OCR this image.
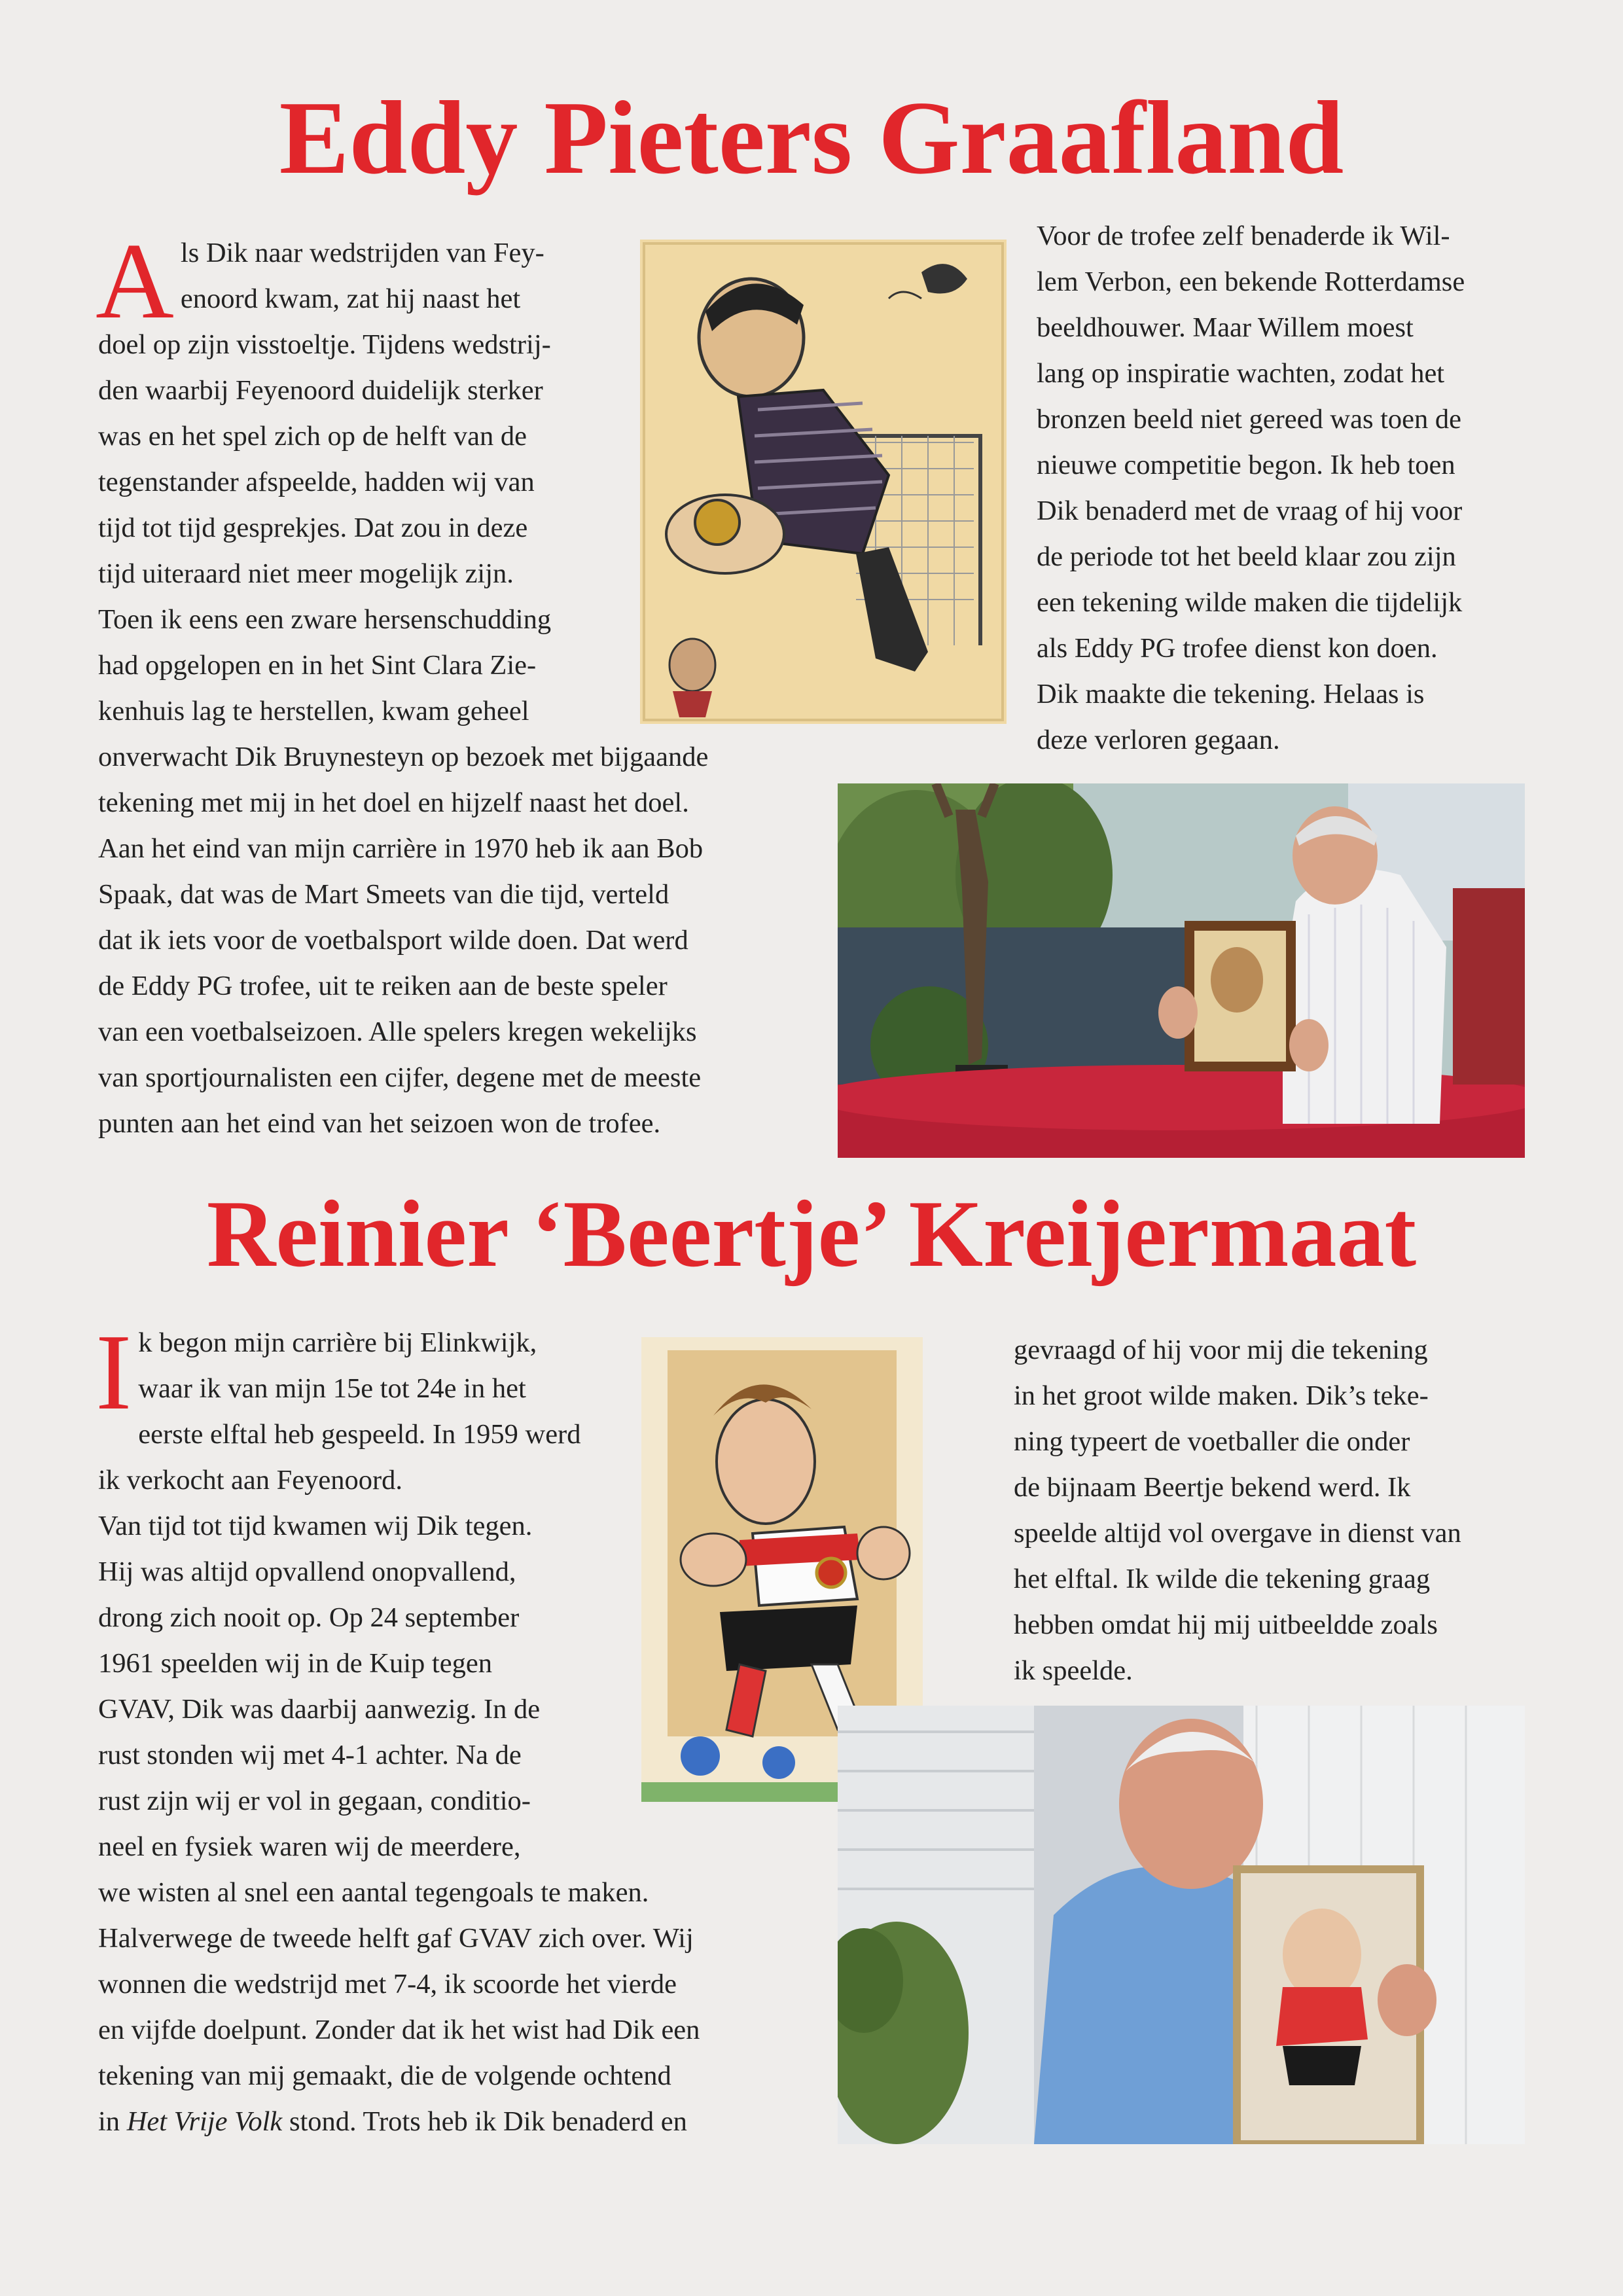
Eddy Pieters Graafland
A ls Dik naar wedstrijden van Fey-
enoord kwam, zat hij naast het
doel op zijn visstoeltje. Tijdens wedstrij-
den waarbij Feyenoord duidelijk sterker
was en het spel zich op de helft van de
tegenstander afspeelde, hadden wij van
tijd tot tijd gesprekjes. Dat zou in deze
tijd uiteraard niet meer mogelijk zijn.
Toen ik eens een zware hersenschudding
had opgelopen en in het Sint Clara Zie-
kenhuis lag te herstellen, kwam geheel
onverwacht Dik Bruynesteyn op bezoek met bijgaande
tekening met mij in het doel en hijzelf naast het doel.
Aan het eind van mijn carrière in 1970 heb ik aan Bob
Spaak, dat was de Mart Smeets van die tijd, verteld
dat ik iets voor de voetbalsport wilde doen. Dat werd
de Eddy PG trofee, uit te reiken aan de beste speler
van een voetbalseizoen. Alle spelers kregen wekelijks
van sportjournalisten een cijfer, degene met de meeste
punten aan het eind van het seizoen won de trofee.
Voor de trofee zelf benaderde ik Wil-
lem Verbon, een bekende Rotterdamse
beeldhouwer. Maar Willem moest
lang op inspiratie wachten, zodat het
bronzen beeld niet gereed was toen de
nieuwe competitie begon. Ik heb toen
Dik benaderd met de vraag of hij voor
de periode tot het beeld klaar zou zijn
een tekening wilde maken die tijdelijk
als Eddy PG trofee dienst kon doen.
Dik maakte die tekening. Helaas is
deze verloren gegaan.
Reinier ‘Beertje’ Kreijermaat
I k begon mijn carrière bij Elinkwijk,
waar ik van mijn 15e tot 24e in het
eerste elftal heb gespeeld. In 1959 werd
ik verkocht aan Feyenoord.
Van tijd tot tijd kwamen wij Dik tegen.
Hij was altijd opvallend onopvallend,
drong zich nooit op. Op 24 september
1961 speelden wij in de Kuip tegen
GVAV, Dik was daarbij aanwezig. In de
rust stonden wij met 4-1 achter. Na de
rust zijn wij er vol in gegaan, conditio-
neel en fysiek waren wij de meerdere,
we wisten al snel een aantal tegengoals te maken.
Halverwege de tweede helft gaf GVAV zich over. Wij
wonnen die wedstrijd met 7-4, ik scoorde het vierde
en vijfde doelpunt. Zonder dat ik het wist had Dik een
tekening van mij gemaakt, die de volgende ochtend
in Het Vrije Volk stond. Trots heb ik Dik benaderd en
gevraagd of hij voor mij die tekening
in het groot wilde maken. Dik’s teke-
ning typeert de voetballer die onder
de bijnaam Beertje bekend werd. Ik
speelde altijd vol overgave in dienst van
het elftal. Ik wilde die tekening graag
hebben omdat hij mij uitbeeldde zoals
ik speelde.
